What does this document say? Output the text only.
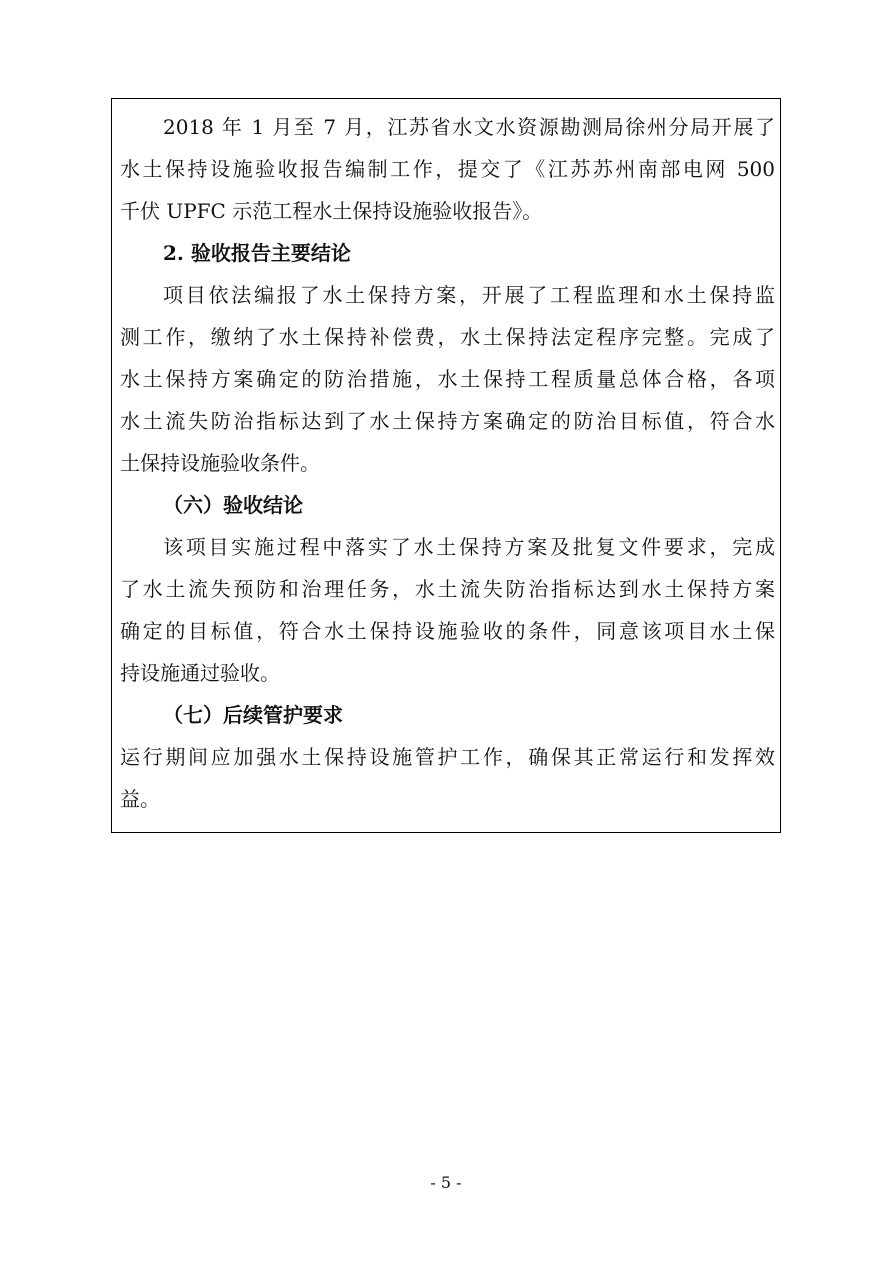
2018 年 1 月至 7 月，江苏省水文水资源勘测局徐州分局开展了

水土保持设施验收报告编制工作，提交了《江苏苏州南部电网 500

千伏 UPFC 示范工程水土保持设施验收报告》。

2. 验收报告主要结论

项目依法编报了水土保持方案，开展了工程监理和水土保持监

测工作，缴纳了水土保持补偿费，水土保持法定程序完整。完成了

水土保持方案确定的防治措施，水土保持工程质量总体合格，各项

水土流失防治指标达到了水土保持方案确定的防治目标值，符合水

土保持设施验收条件。

（六）验收结论

该项目实施过程中落实了水土保持方案及批复文件要求，完成

了水土流失预防和治理任务，水土流失防治指标达到水土保持方案

确定的目标值，符合水土保持设施验收的条件，同意该项目水土保

持设施通过验收。

（七）后续管护要求

运行期间应加强水土保持设施管护工作，确保其正常运行和发挥效

益。

- 5 -
